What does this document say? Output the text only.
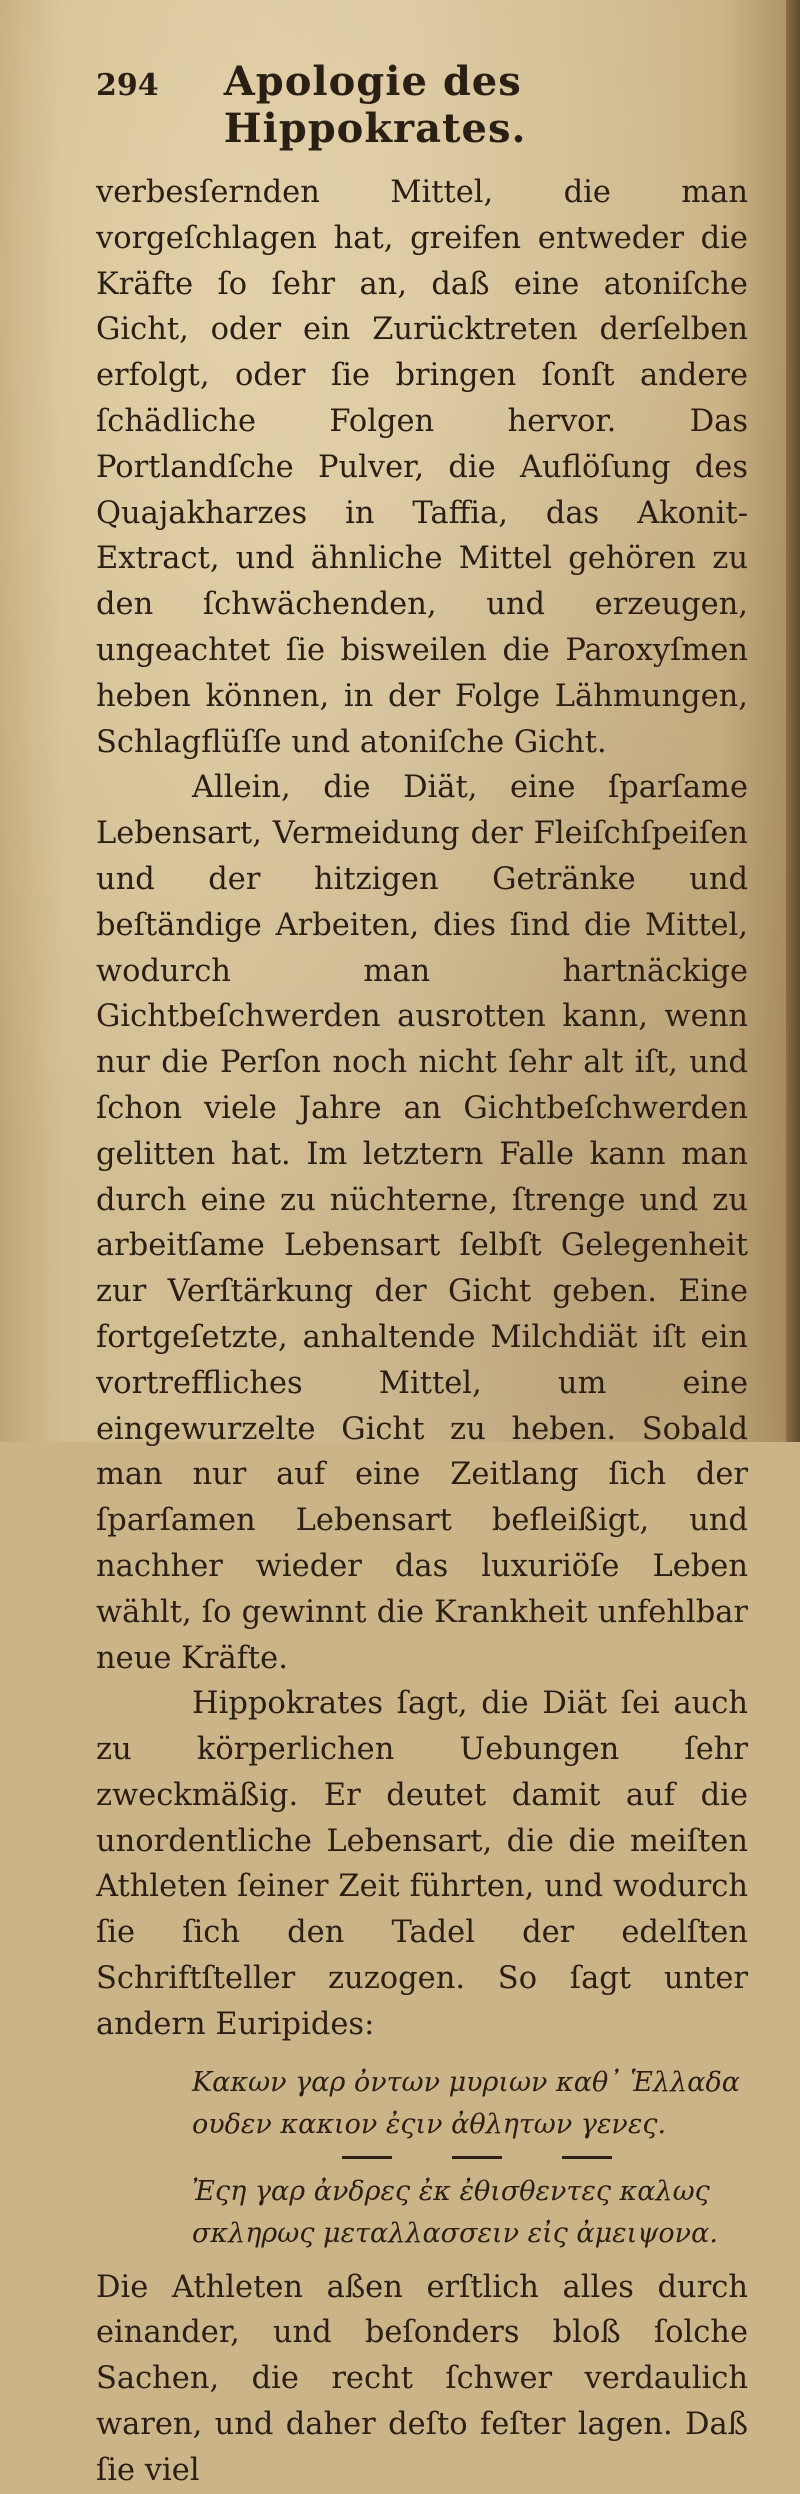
294	Apologie des Hippokrates.

verbesſernden Mittel, die man vorgeſchlagen hat, greifen entweder die Kräfte ſo ſehr an, daß eine atoniſche Gicht, oder ein Zurücktreten derſelben erfolgt, oder ſie bringen ſonſt andere ſchädliche Folgen hervor. Das Portlandſche Pulver, die Auflöſung des Quajakharzes in Taffia, das Akonit-Extract, und ähnliche Mittel gehören zu den ſchwächenden, und erzeugen, ungeachtet ſie bisweilen die Paroxyſmen heben können, in der Folge Lähmungen, Schlagflüſſe und atoniſche Gicht.

Allein, die Diät, eine ſparſame Lebensart, Vermeidung der Fleiſchſpeiſen und der hitzigen Getränke und beſtändige Arbeiten, dies ſind die Mittel, wodurch man hartnäckige Gichtbeſchwerden ausrotten kann, wenn nur die Perſon noch nicht ſehr alt iſt, und ſchon viele Jahre an Gichtbeſchwerden gelitten hat. Im letztern Falle kann man durch eine zu nüchterne, ſtrenge und zu arbeitſame Lebensart ſelbſt Gelegenheit zur Verſtärkung der Gicht geben. Eine fortgeſetzte, anhaltende Milchdiät iſt ein vortreffliches Mittel, um eine eingewurzelte Gicht zu heben. Sobald man nur auf eine Zeitlang ſich der ſparſamen Lebensart befleißigt, und nachher wieder das luxuriöſe Leben wählt, ſo gewinnt die Krankheit unfehlbar neue Kräfte.

Hippokrates ſagt, die Diät ſei auch zu körperlichen Uebungen ſehr zweckmäßig. Er deutet damit auf die unordentliche Lebensart, die die meiſten Athleten ſeiner Zeit führten, und wodurch ſie ſich den Tadel der edelſten Schriftſteller zuzogen. So ſagt unter andern Euripides:

Κακων γαρ ὀντων μυριων καθ᾽ Ἑλλαδα
ουδεν κακιον ἐςιν ἀθλητων γενες.
Ἐςη γαρ ἀνδρες ἐκ ἐθισθεντες καλως
σκληρως μεταλλασσειν εἰς ἀμειψονα.

Die Athleten aßen erſtlich alles durch einander, und beſonders bloß ſolche Sachen, die recht ſchwer verdaulich waren, und daher deſto feſter lagen. Daß ſie viel
